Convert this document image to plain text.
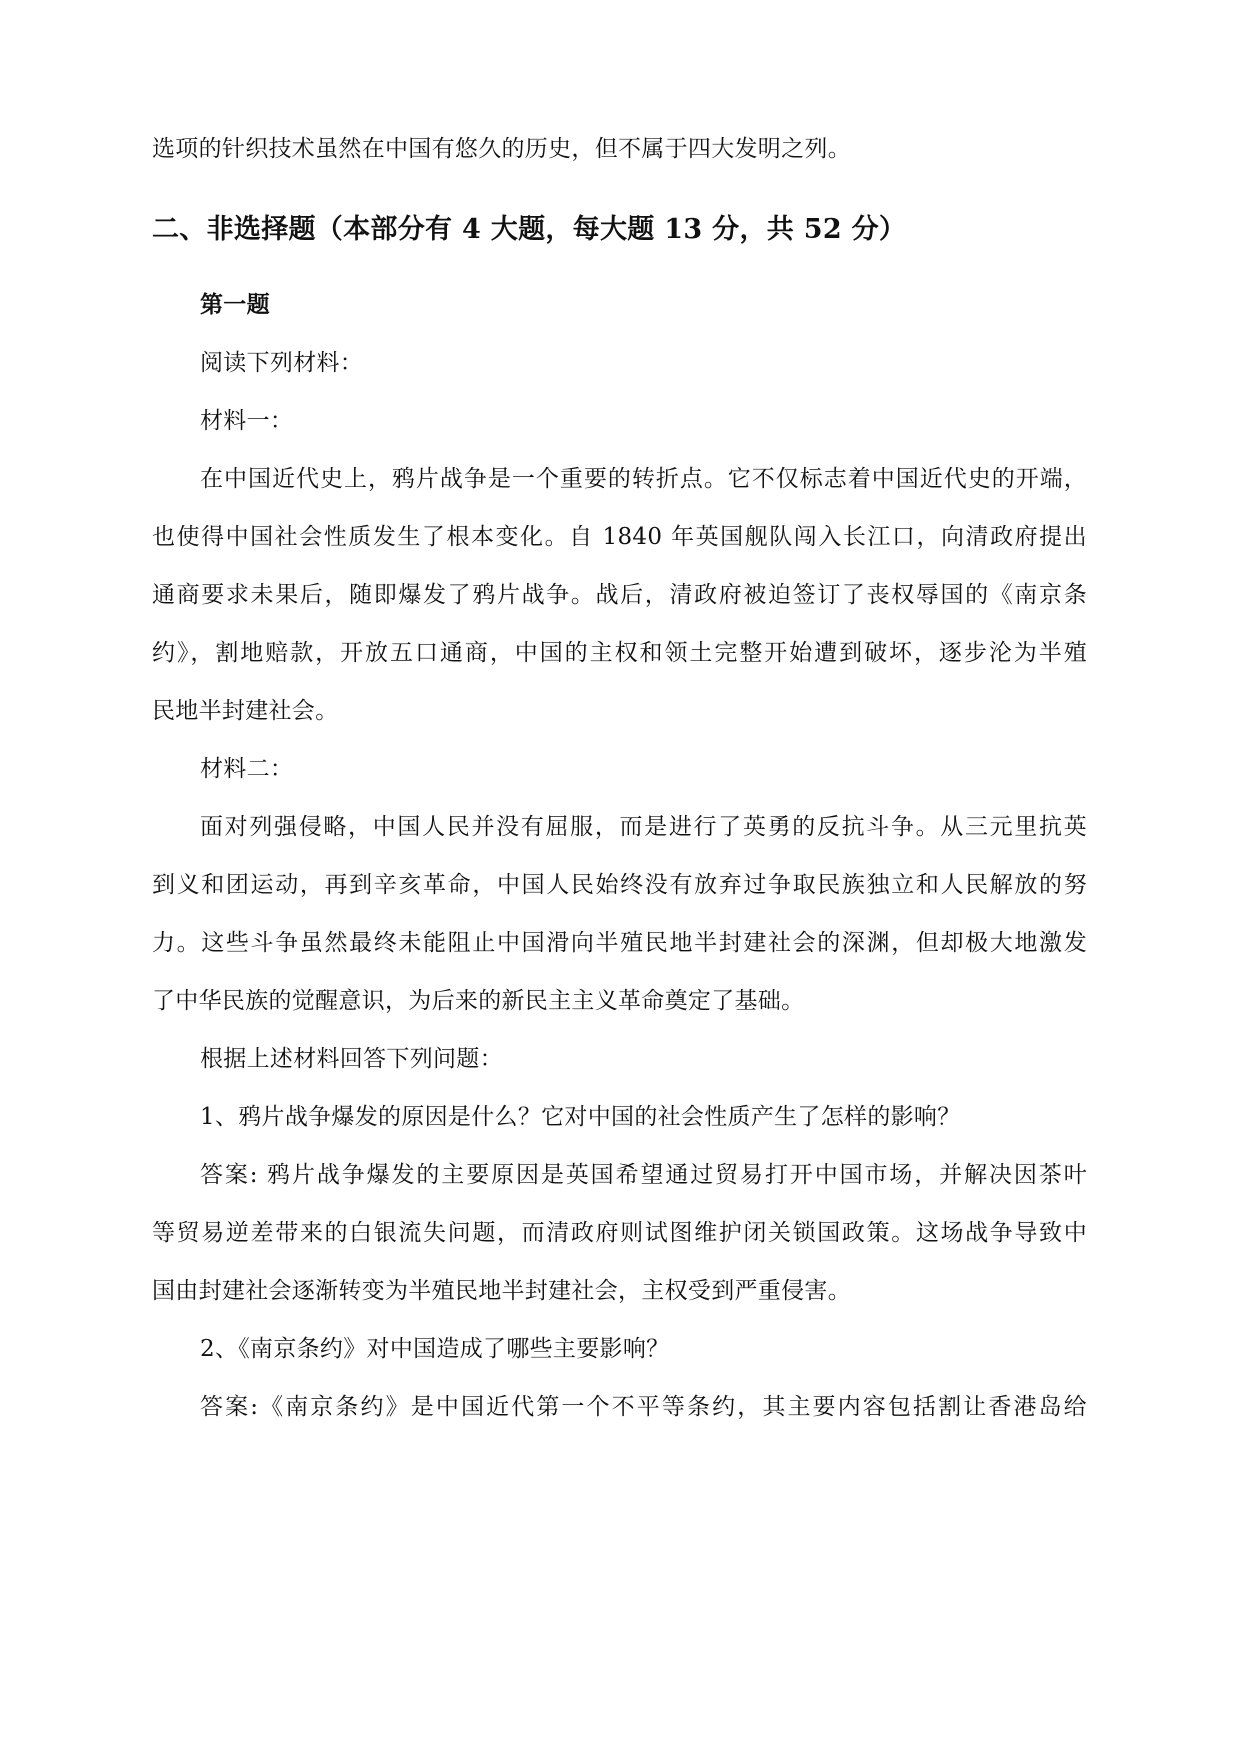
选项的针织技术虽然在中国有悠久的历史，但不属于四大发明之列。
二、非选择题（本部分有 4 大题，每大题 13 分，共 52 分）
第一题
阅读下列材料：
材料一：
在中国近代史上，鸦片战争是一个重要的转折点。它不仅标志着中国近代史的开端，
也使得中国社会性质发生了根本变化。自 1840 年英国舰队闯入长江口，向清政府提出
通商要求未果后，随即爆发了鸦片战争。战后，清政府被迫签订了丧权辱国的《南京条
约》，割地赔款，开放五口通商，中国的主权和领土完整开始遭到破坏，逐步沦为半殖
民地半封建社会。
材料二：
面对列强侵略，中国人民并没有屈服，而是进行了英勇的反抗斗争。从三元里抗英
到义和团运动，再到辛亥革命，中国人民始终没有放弃过争取民族独立和人民解放的努
力。这些斗争虽然最终未能阻止中国滑向半殖民地半封建社会的深渊，但却极大地激发
了中华民族的觉醒意识，为后来的新民主主义革命奠定了基础。
根据上述材料回答下列问题：
1、鸦片战争爆发的原因是什么？它对中国的社会性质产生了怎样的影响？
答案: 鸦片战争爆发的主要原因是英国希望通过贸易打开中国市场，并解决因茶叶
等贸易逆差带来的白银流失问题，而清政府则试图维护闭关锁国政策。这场战争导致中
国由封建社会逐渐转变为半殖民地半封建社会，主权受到严重侵害。
2、《南京条约》对中国造成了哪些主要影响？
答案:《南京条约》是中国近代第一个不平等条约，其主要内容包括割让香港岛给
